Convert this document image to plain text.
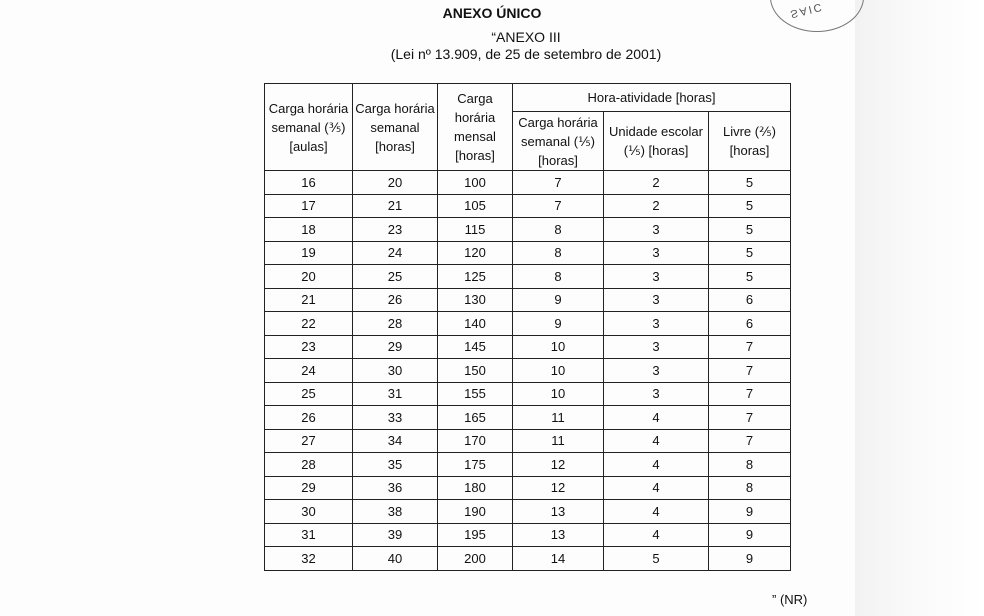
SAIC
ANEXO ÚNICO
“ANEXO III
(Lei nº 13.909, de 25 de setembro de 2001)
Carga horária semanal (⅗) [aulas]	Carga horária semanal [horas]	Carga horária mensal [horas]	Hora-atividade [horas]		
			Carga horária semanal (⅕) [horas]	Unidade escolar (⅕) [horas]	Livre (⅖) [horas]
16	20	100	7	2	5
17	21	105	7	2	5
18	23	115	8	3	5
19	24	120	8	3	5
20	25	125	8	3	5
21	26	130	9	3	6
22	28	140	9	3	6
23	29	145	10	3	7
24	30	150	10	3	7
25	31	155	10	3	7
26	33	165	11	4	7
27	34	170	11	4	7
28	35	175	12	4	8
29	36	180	12	4	8
30	38	190	13	4	9
31	39	195	13	4	9
32	40	200	14	5	9
” (NR)
